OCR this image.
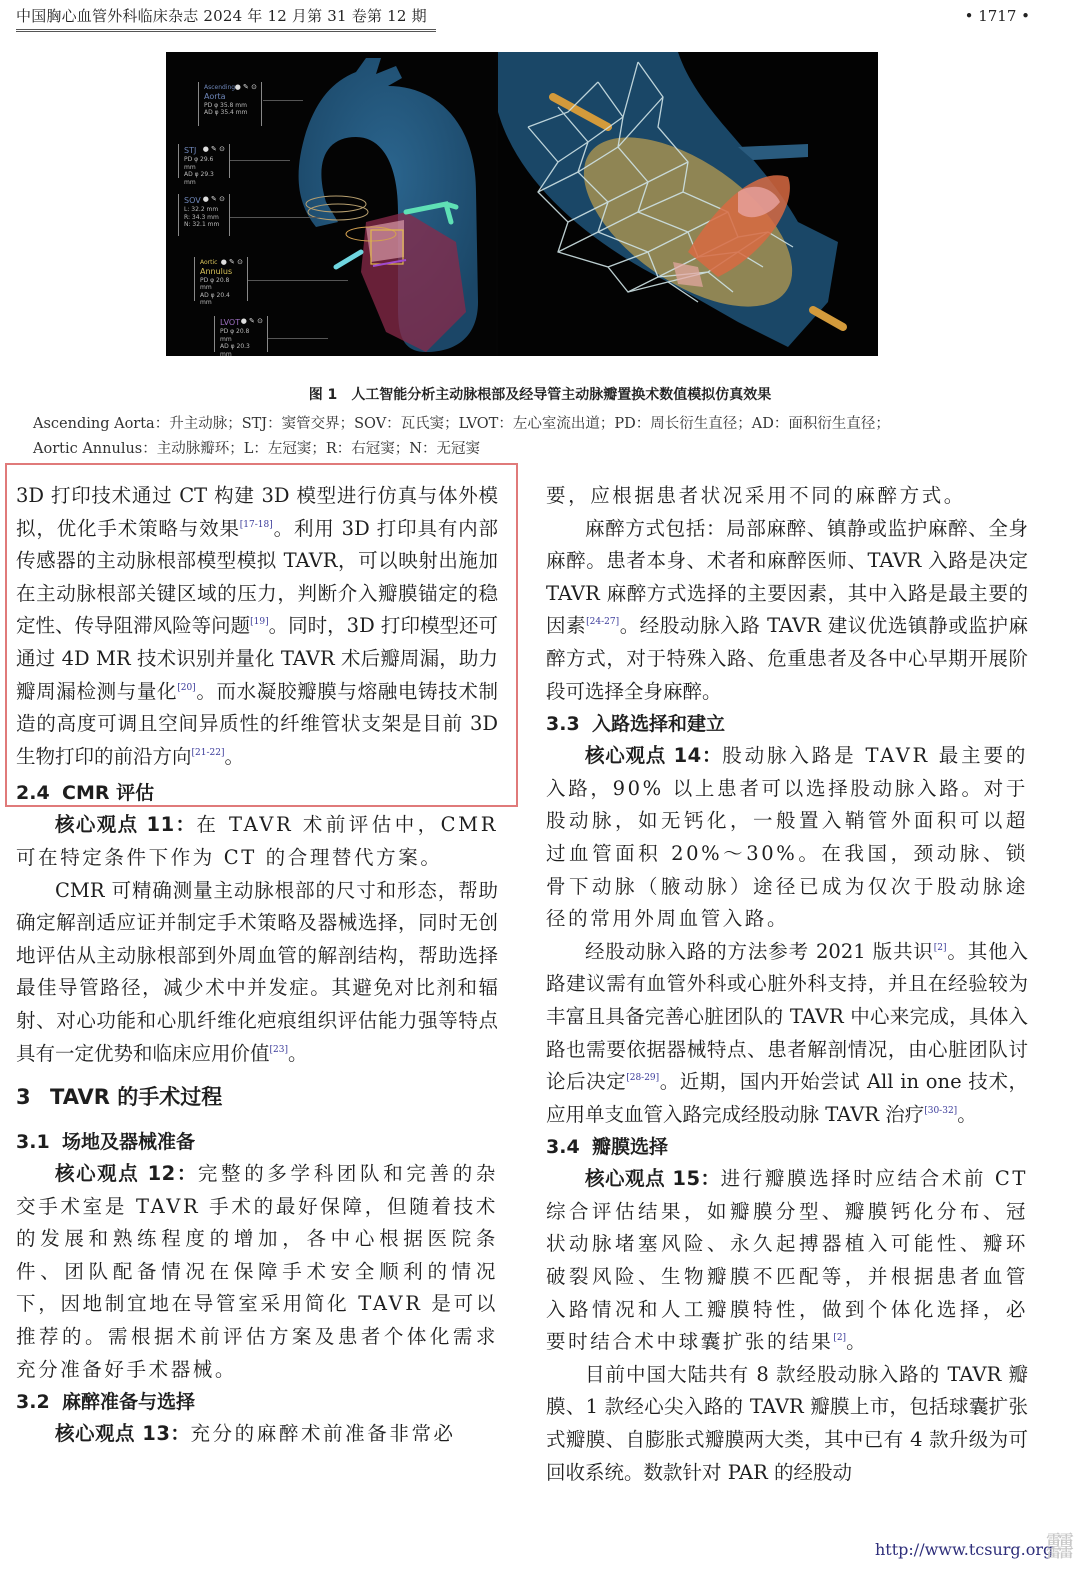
中国胸心血管外科临床杂志 2024 年 12 月第 31 卷第 12 期	• 1717 •
Ascending
Aorta
PD φ 35.8 mm
AD φ 35.4 mm
● ✎ ⊙
STJ
PD φ 29.6 mm
AD φ 29.3 mm
● ✎ ⊙
SOV
L: 32.2 mm
R: 34.3 mm
N: 32.1 mm
● ✎ ⊙
Aortic
Annulus
PD φ 20.8 mm
AD φ 20.4 mm
● ✎ ⊙
LVOT
PD φ 20.8 mm
AD φ 20.3 mm
● ✎ ⊙
图 1 人工智能分析主动脉根部及经导管主动脉瓣置换术数值模拟仿真效果
Ascending Aorta：升主动脉；STJ：窦管交界；SOV：瓦氏窦；LVOT：左心室流出道；PD：周长衍生直径；AD：面积衍生直径；
Aortic Annulus：主动脉瓣环；L：左冠窦；R：右冠窦；N：无冠窦

3D 打印技术通过 CT 构建 3D 模型进行仿真与体外模拟，优化手术策略与效果[17-18]。利用 3D 打印具有内部传感器的主动脉根部模型模拟 TAVR，可以映射出施加在主动脉根部关键区域的压力，判断介入瓣膜锚定的稳定性、传导阻滞风险等问题[19]。同时，3D 打印模型还可通过 4D MR 技术识别并量化 TAVR 术后瓣周漏，助力瓣周漏检测与量化[20]。而水凝胶瓣膜与熔融电铸技术制造的高度可调且空间异质性的纤维管状支架是目前 3D 生物打印的前沿方向[21-22]。

2.4 CMR 评估

核心观点 11：在 TAVR 术前评估中，CMR 可在特定条件下作为 CT 的合理替代方案。

CMR 可精确测量主动脉根部的尺寸和形态，帮助确定解剖适应证并制定手术策略及器械选择，同时无创地评估从主动脉根部到外周血管的解剖结构，帮助选择最佳导管路径，减少术中并发症。其避免对比剂和辐射、对心功能和心肌纤维化疤痕组织评估能力强等特点具有一定优势和临床应用价值[23]。

3 TAVR 的手术过程
3.1 场地及器械准备

核心观点 12：完整的多学科团队和完善的杂交手术室是 TAVR 手术的最好保障，但随着技术的发展和熟练程度的增加，各中心根据医院条件、团队配备情况在保障手术安全顺利的情况下，因地制宜地在导管室采用简化 TAVR 是可以推荐的。需根据术前评估方案及患者个体化需求充分准备好手术器械。

3.2 麻醉准备与选择

核心观点 13：充分的麻醉术前准备非常必

要，应根据患者状况采用不同的麻醉方式。

麻醉方式包括：局部麻醉、镇静或监护麻醉、全身麻醉。患者本身、术者和麻醉医师、TAVR 入路是决定 TAVR 麻醉方式选择的主要因素，其中入路是最主要的因素[24-27]。经股动脉入路 TAVR 建议优选镇静或监护麻醉方式，对于特殊入路、危重患者及各中心早期开展阶段可选择全身麻醉。

3.3 入路选择和建立

核心观点 14：股动脉入路是 TAVR 最主要的入路，90% 以上患者可以选择股动脉入路。对于股动脉，如无钙化，一般置入鞘管外面积可以超过血管面积 20%～30%。在我国，颈动脉、锁骨下动脉（腋动脉）途径已成为仅次于股动脉途径的常用外周血管入路。

经股动脉入路的方法参考 2021 版共识[2]。其他入路建议需有血管外科或心脏外科支持，并且在经验较为丰富且具备完善心脏团队的 TAVR 中心来完成，具体入路也需要依据器械特点、患者解剖情况，由心脏团队讨论后决定[28-29]。近期，国内开始尝试 All in one 技术，应用单支血管入路完成经股动脉 TAVR 治疗[30-32]。

3.4 瓣膜选择

核心观点 15：进行瓣膜选择时应结合术前 CT 综合评估结果，如瓣膜分型、瓣膜钙化分布、冠状动脉堵塞风险、永久起搏器植入可能性、瓣环破裂风险、生物瓣膜不匹配等，并根据患者血管入路情况和人工瓣膜特性，做到个体化选择，必要时结合术中球囊扩张的结果[2]。

目前中国大陆共有 8 款经股动脉入路的 TAVR 瓣膜、1 款经心尖入路的 TAVR 瓣膜上市，包括球囊扩张式瓣膜、自膨胀式瓣膜两大类，其中已有 4 款升级为可回收系统。数款针对 PAR 的经股动

http://www.tcsurg.org
䨻
